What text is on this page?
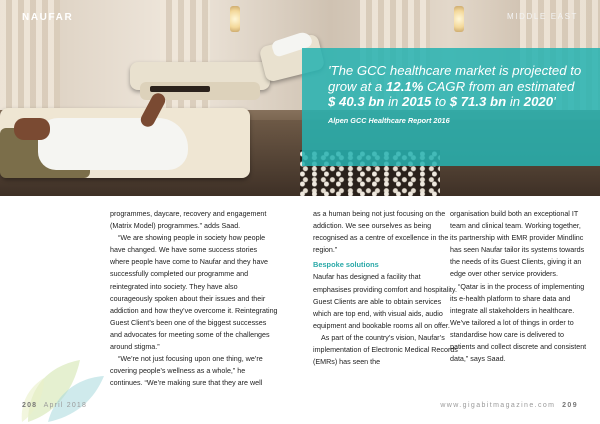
NAUFAR	MIDDLE EAST
'The GCC healthcare market is projected to grow at a 12.1% CAGR from an estimated $ 40.3 bn in 2015 to $ 71.3 bn in 2020'
Alpen GCC Healthcare Report 2016

programmes, daycare, recovery and engagement (Matrix Model) programmes.” adds Saad.

“We are showing people in society how people have changed. We have some success stories where people have come to Naufar and they have successfully completed our programme and reintegrated into society. They have also courageously spoken about their issues and their addiction and how they’ve overcome it. Reintegrating Guest Client’s been one of the biggest successes and advocates for meeting some of the challenges around stigma.”

“We’re not just focusing upon one thing, we’re covering people’s wellness as a whole,” he continues. “We’re making sure that they are well

as a human being not just focusing on the addiction. We see ourselves as being recognised as a centre of excellence in the region.”

Bespoke solutions

Naufar has designed a facility that emphasises providing comfort and hospitality. Guest Clients are able to obtain services which are top end, with visual aids, audio equipment and bookable rooms all on offer.

As part of the country’s vision, Naufar’s implementation of Electronic Medical Records (EMRs) has seen the

organisation build both an exceptional IT team and clinical team. Working together, its partnership with EMR provider Mindlinc has seen Naufar tailor its systems towards the needs of its Guest Clients, giving it an edge over other service providers.

“Qatar is in the process of implementing its e-health platform to share data and integrate all stakeholders in healthcare. We’ve tailored a lot of things in order to standardise how care is delivered to patients and collect discrete and consistent data,” says Saad.

208 April 2018	www.gigabitmagazine.com 209
